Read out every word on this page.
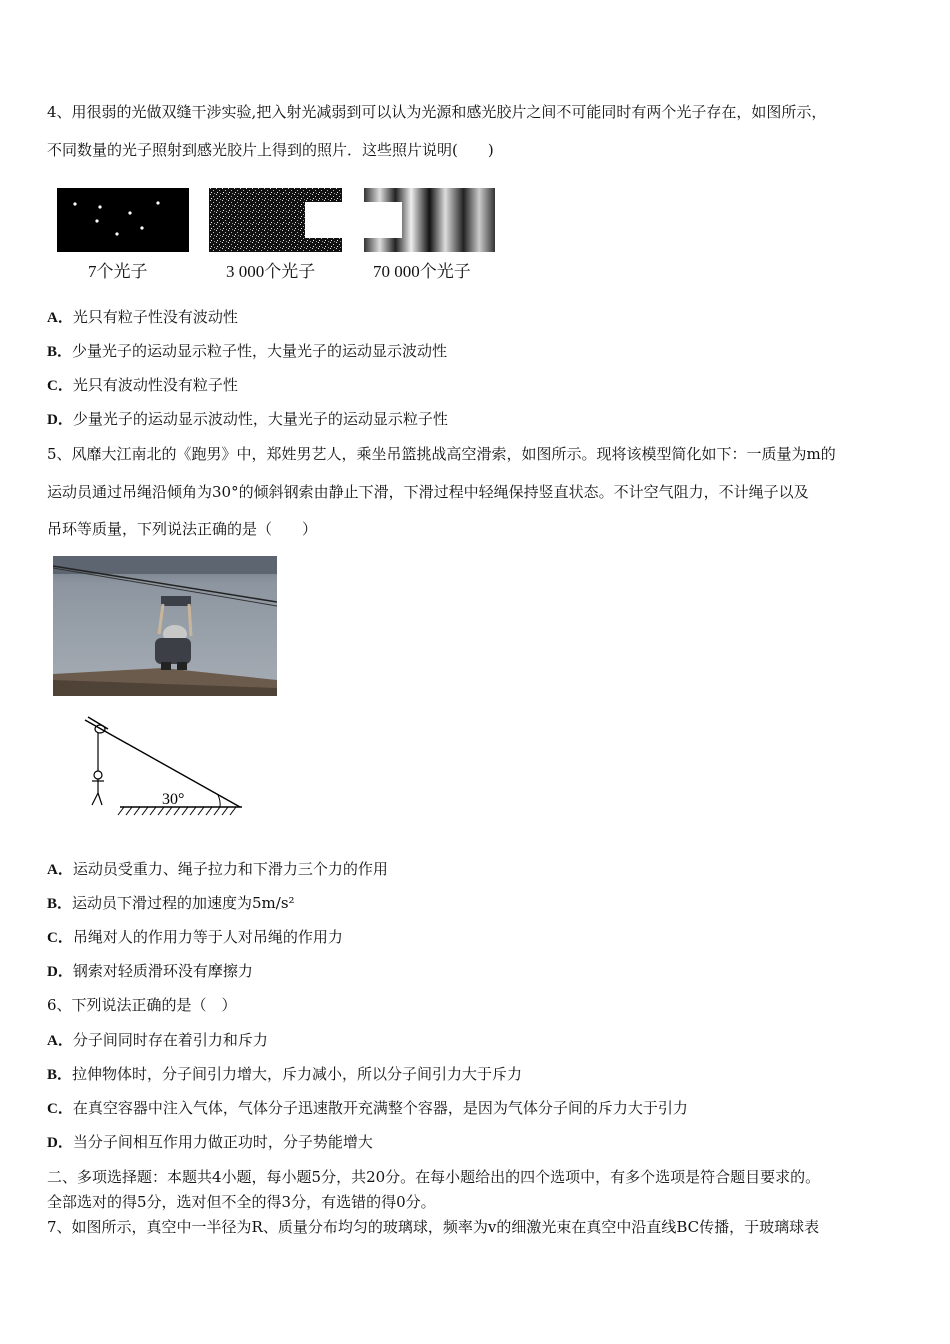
4、用很弱的光做双缝干涉实验,把入射光减弱到可以认为光源和感光胶片之间不可能同时有两个光子存在，如图所示，
不同数量的光子照射到感光胶片上得到的照片．这些照片说明(　　)
7个光子	3 000个光子	70 000个光子
A．光只有粒子性没有波动性
B．少量光子的运动显示粒子性，大量光子的运动显示波动性
C．光只有波动性没有粒子性
D．少量光子的运动显示波动性，大量光子的运动显示粒子性
5、风靡大江南北的《跑男》中，郑姓男艺人，乘坐吊篮挑战高空滑索，如图所示。现将该模型简化如下：一质量为m的
运动员通过吊绳沿倾角为30°的倾斜钢索由静止下滑，下滑过程中轻绳保持竖直状态。不计空气阻力，不计绳子以及
吊环等质量，下列说法正确的是（　　）
30°
A．运动员受重力、绳子拉力和下滑力三个力的作用
B．运动员下滑过程的加速度为5m/s²
C．吊绳对人的作用力等于人对吊绳的作用力
D．钢索对轻质滑环没有摩擦力
6、下列说法正确的是（　）
A．分子间同时存在着引力和斥力
B．拉伸物体时，分子间引力增大，斥力减小，所以分子间引力大于斥力
C．在真空容器中注入气体，气体分子迅速散开充满整个容器，是因为气体分子间的斥力大于引力
D．当分子间相互作用力做正功时，分子势能增大
二、多项选择题：本题共4小题，每小题5分，共20分。在每小题给出的四个选项中，有多个选项是符合题目要求的。
全部选对的得5分，选对但不全的得3分，有选错的得0分。
7、如图所示，真空中一半径为R、质量分布均匀的玻璃球，频率为v的细激光束在真空中沿直线BC传播，于玻璃球表
